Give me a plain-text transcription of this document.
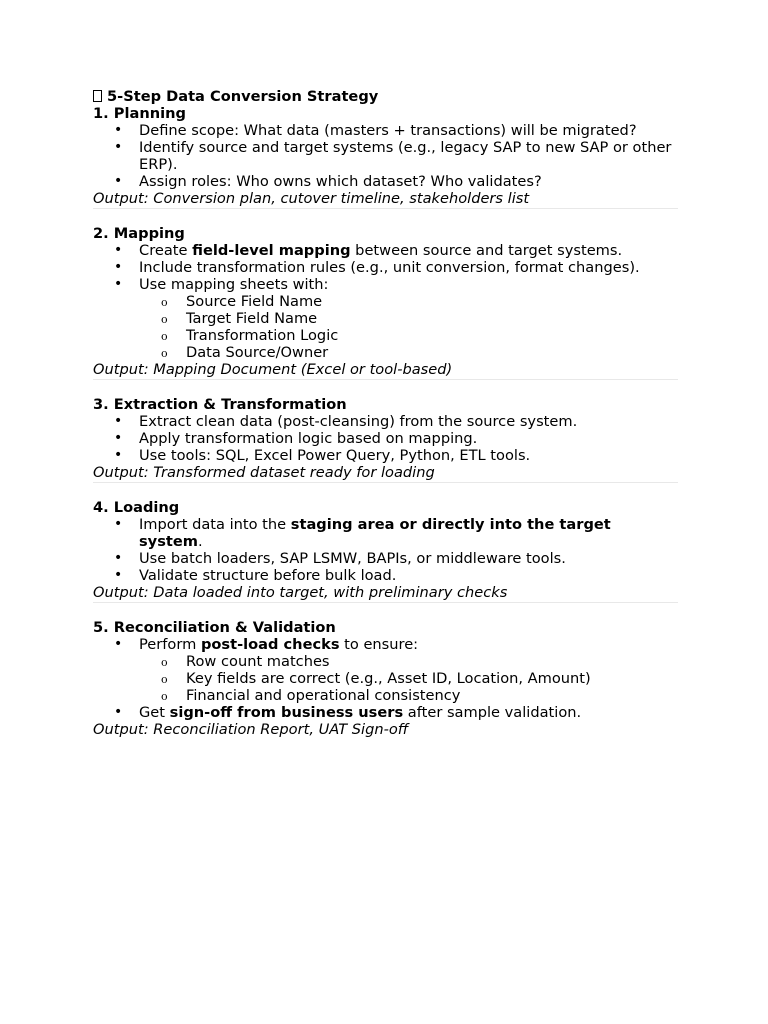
5-Step Data Conversion Strategy
1. Planning
• Define scope: What data (masters + transactions) will be migrated?
• Identify source and target systems (e.g., legacy SAP to new SAP or other ERP).
• Assign roles: Who owns which dataset? Who validates?
Output: Conversion plan, cutover timeline, stakeholders list
2. Mapping
• Create field-level mapping between source and target systems.
• Include transformation rules (e.g., unit conversion, format changes).
• Use mapping sheets with:
o Source Field Name
o Target Field Name
o Transformation Logic
o Data Source/Owner
Output: Mapping Document (Excel or tool-based)
3. Extraction & Transformation
• Extract clean data (post-cleansing) from the source system.
• Apply transformation logic based on mapping.
• Use tools: SQL, Excel Power Query, Python, ETL tools.
Output: Transformed dataset ready for loading
4. Loading
• Import data into the staging area or directly into the target system.
• Use batch loaders, SAP LSMW, BAPIs, or middleware tools.
• Validate structure before bulk load.
Output: Data loaded into target, with preliminary checks
5. Reconciliation & Validation
• Perform post-load checks to ensure:
o Row count matches
o Key fields are correct (e.g., Asset ID, Location, Amount)
o Financial and operational consistency
• Get sign-off from business users after sample validation.
Output: Reconciliation Report, UAT Sign-off
